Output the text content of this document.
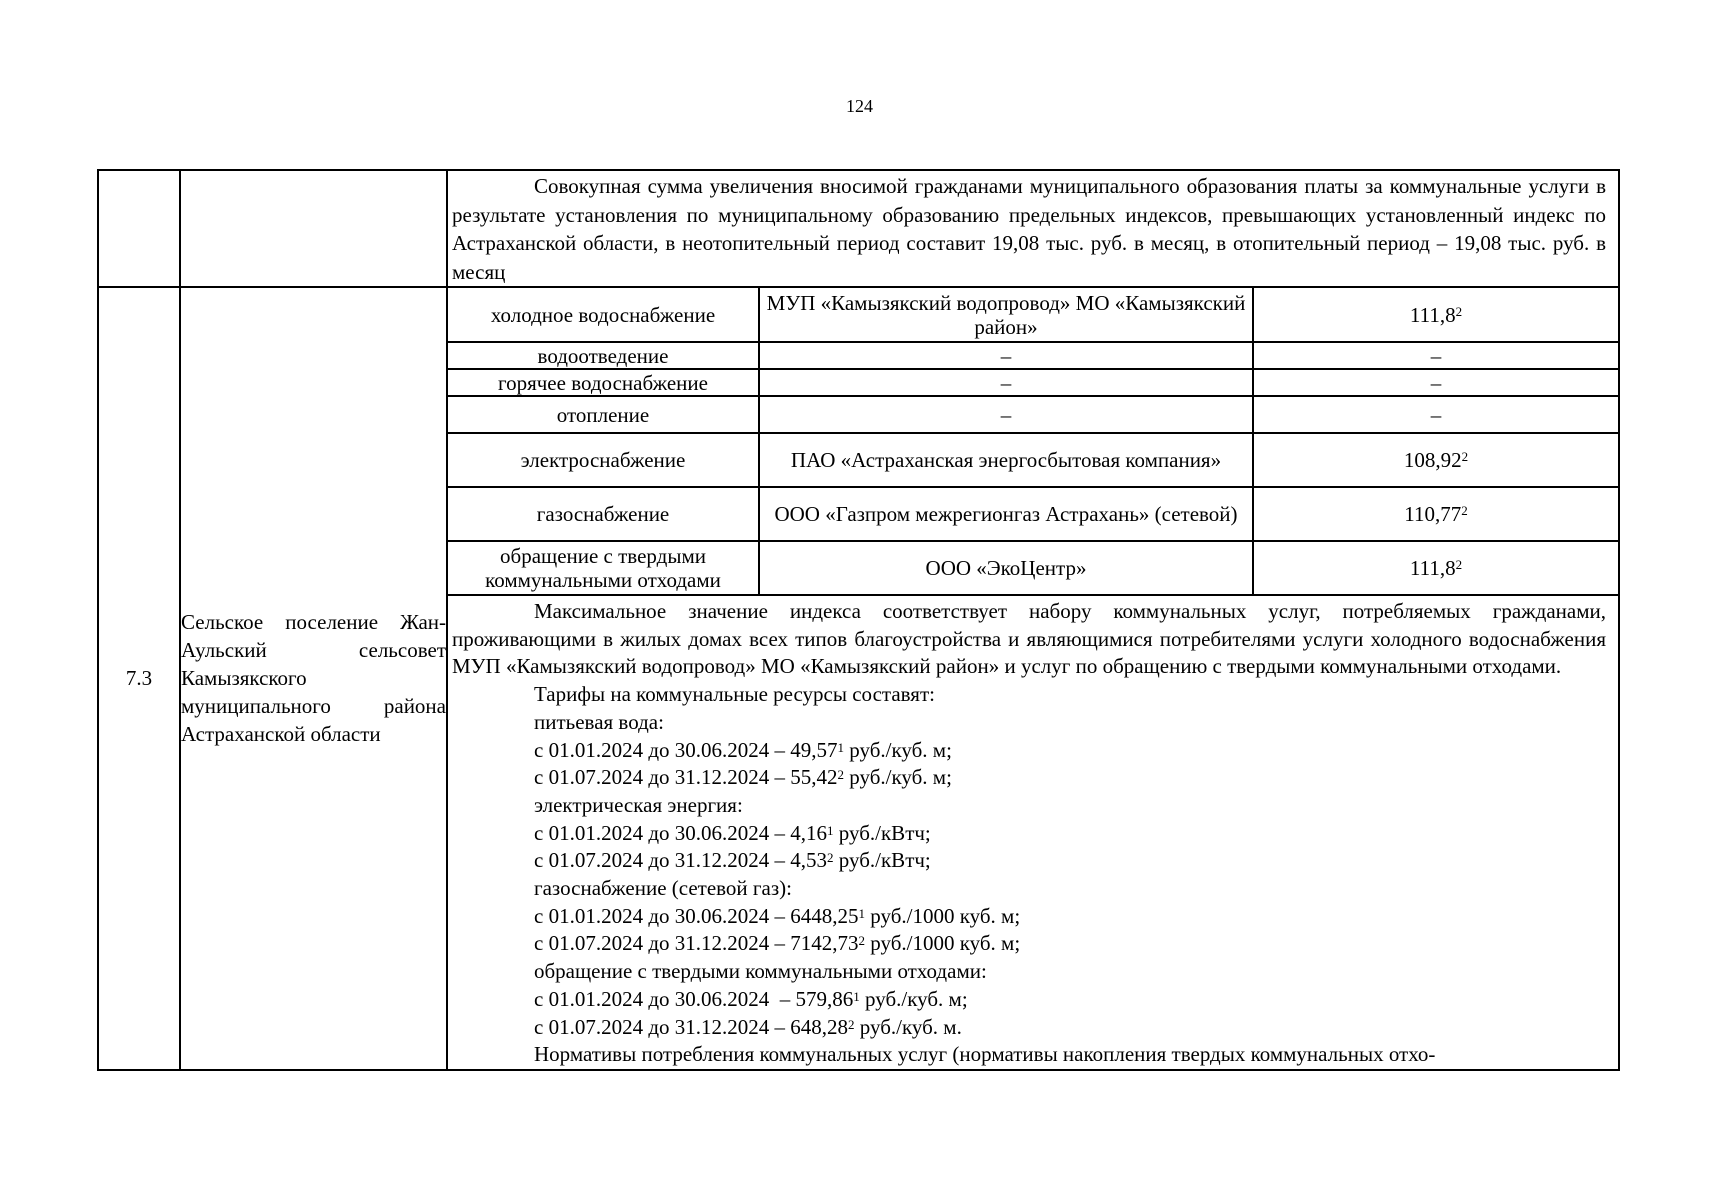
124

Совокупная сумма увеличения вносимой гражданами муниципального образования платы за коммунальные услуги в результате установления по муниципальному образованию предельных индексов, превышающих установленный индекс по Астраханской области, в неотопительный период составит 19,08 тыс. руб. в месяц, в отопительный период – 19,08 тыс. руб. в месяц

7.3	Сельское поселение Жан-Аульский сельсовет Камызякского муниципального района Астраханской области	
холодное водоснабжение	МУП «Камызякский водопровод» МО «Камызякский район»	111,8$^2$
водоотведение	–	–
горячее водоснабжение	–	–
отопление	–	–
электроснабжение	ПАО «Астраханская энергосбытовая компания»	108,92$^2$
газоснабжение	ООО «Газпром межрегионгаз Астрахань» (сетевой)	110,77$^2$
обращение с твердыми коммунальными отходами	ООО «ЭкоЦентр»	111,8$^2$

Максимальное значение индекса соответствует набору коммунальных услуг, потребляемых гражданами, проживающими в жилых домах всех типов благоустройства и являющимися потребителями услуги холодного водоснабжения МУП «Камызякский водопровод» МО «Камызякский район» и услуг по обращению с твердыми коммунальными отходами.

Тарифы на коммунальные ресурсы составят:

питьевая вода:

с 01.01.2024 до 30.06.2024 – 49,57$^1$ руб./куб. м;

с 01.07.2024 до 31.12.2024 – 55,42$^2$ руб./куб. м;

электрическая энергия:

с 01.01.2024 до 30.06.2024 – 4,16$^1$ руб./кВтч;

с 01.07.2024 до 31.12.2024 – 4,53$^2$ руб./кВтч;

газоснабжение (сетевой газ):

с 01.01.2024 до 30.06.2024 – 6448,25$^1$ руб./1000 куб. м;

с 01.07.2024 до 31.12.2024 – 7142,73$^2$ руб./1000 куб. м;

обращение с твердыми коммунальными отходами:

с 01.01.2024 до 30.06.2024  – 579,86$^1$ руб./куб. м;

с 01.07.2024 до 31.12.2024 – 648,28$^2$ руб./куб. м.

Нормативы потребления коммунальных услуг (нормативы накопления твердых коммунальных отхо-
